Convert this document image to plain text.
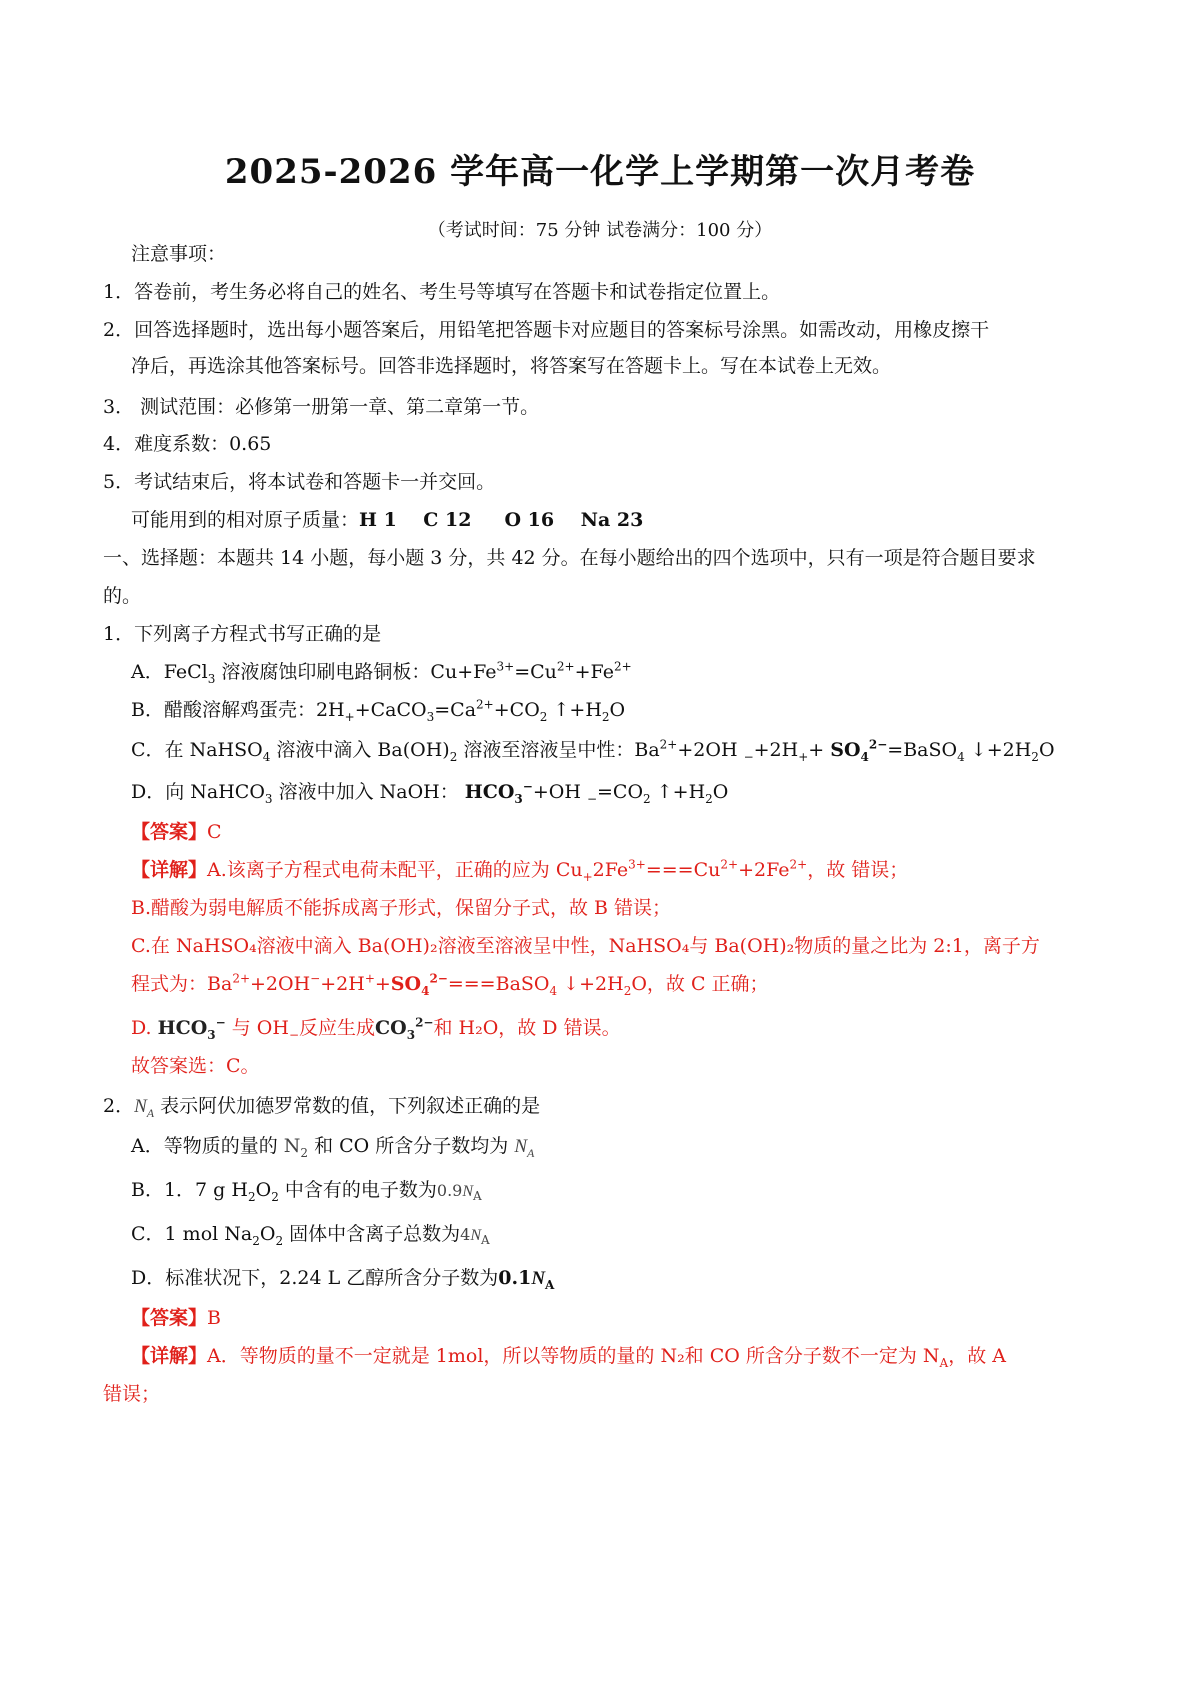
2025-2026 学年高一化学上学期第一次月考卷
（考试时间：75 分钟 试卷满分：100 分）
注意事项：
1．答卷前，考生务必将自己的姓名、考生号等填写在答题卡和试卷指定位置上。
2．回答选择题时，选出每小题答案后，用铅笔把答题卡对应题目的答案标号涂黑。如需改动，用橡皮擦干
净后，再选涂其他答案标号。回答非选择题时，将答案写在答题卡上。写在本试卷上无效。
3． 测试范围：必修第一册第一章、第二章第一节。
4．难度系数：0.65
5．考试结束后，将本试卷和答题卡一并交回。
可能用到的相对原子质量：H 1    C 12     O 16    Na 23
一、选择题：本题共 14 小题，每小题 3 分，共 42 分。在每小题给出的四个选项中，只有一项是符合题目要求
的。
1．下列离子方程式书写正确的是
A．FeCl$_3$ 溶液腐蚀印刷电路铜板：$Cu+Fe^{3+}=Cu^{2+}+Fe^{2+}$
B．醋酸溶解鸡蛋壳：$2H_++CaCO_3=Ca^{2+}+CO_2$ $↑+H_2O$
C．在 NaHSO$_4$ 溶液中滴入 $Ba(OH)_2$ 溶液至溶液呈中性：$Ba^{2+}+2OH$ $_-+2H_++$ $SO_4^{2-}=BaSO_4$ $↓+2H_2O$
D．向 NaHCO$_3$ 溶液中加入 NaOH： $HCO_3^-+OH$ $_-=CO_2$ $↑+H_2O$
【答案】C
【详解】A.该离子方程式电荷未配平，正确的应为 $Cu_+2Fe^{3+}===Cu^{2+}+2Fe^{2+}$，故 错误；
B.醋酸为弱电解质不能拆成离子形式，保留分子式，故 B 错误；
C.在 NaHSO₄溶液中滴入 Ba(OH)₂溶液至溶液呈中性，NaHSO₄与 Ba(OH)₂物质的量之比为 2:1，离子方
程式为：$Ba^{2+}+2OH^-+2H^++SO_4^{2-}===BaSO_4$ $↓+2H_2O$，故 C 正确；
D. $HCO_3^-$ 与 $OH_-$反应生成$CO_3^{2-}$和 H₂O，故 D 错误。
故答案选：C。
2．$N_A$ 表示阿伏加德罗常数的值，下列叙述正确的是
A．等物质的量的 $N_2$ 和 CO 所含分子数均为 $N_A$
B．1．7 g $H_2O_2$ 中含有的电子数为$0.9N_A$
C．1 mol $Na_2O_2$ 固体中含离子总数为$4N_A$
D．标准状况下，2.24 L 乙醇所含分子数为$0.1N_A$
【答案】B
【详解】A．等物质的量不一定就是 1mol，所以等物质的量的 N₂和 CO 所含分子数不一定为 $N_A$，故 A
错误；
